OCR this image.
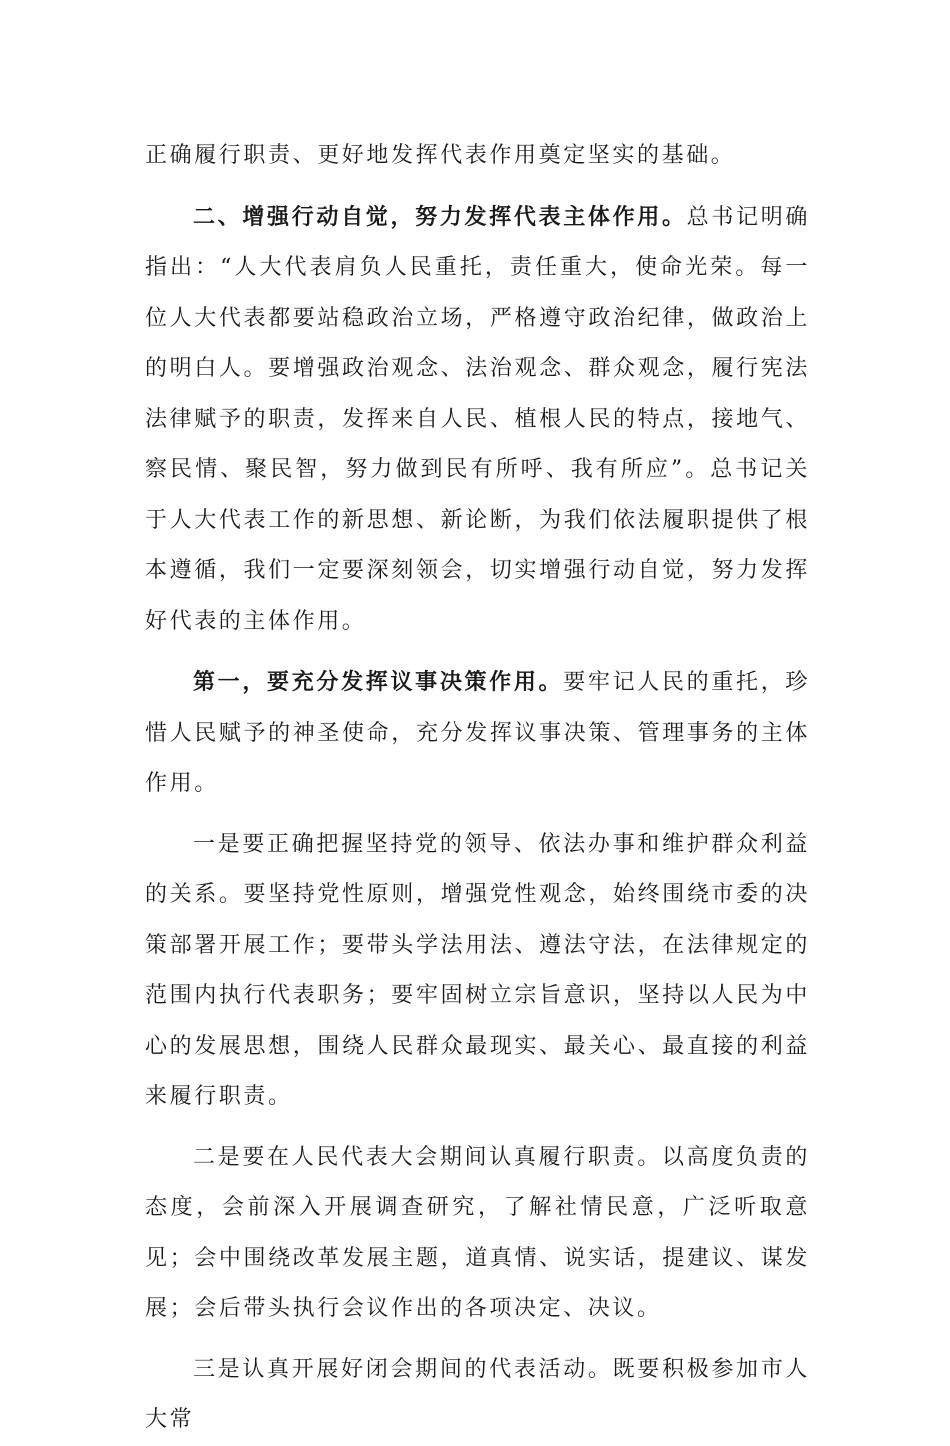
正确履行职责、更好地发挥代表作用奠定坚实的基础。

二、增强行动自觉，努力发挥代表主体作用。总书记明确指出：“人大代表肩负人民重托，责任重大，使命光荣。每一位人大代表都要站稳政治立场，严格遵守政治纪律，做政治上的明白人。要增强政治观念、法治观念、群众观念，履行宪法法律赋予的职责，发挥来自人民、植根人民的特点，接地气、察民情、聚民智，努力做到民有所呼、我有所应”。总书记关于人大代表工作的新思想、新论断，为我们依法履职提供了根本遵循，我们一定要深刻领会，切实增强行动自觉，努力发挥好代表的主体作用。

第一，要充分发挥议事决策作用。要牢记人民的重托，珍惜人民赋予的神圣使命，充分发挥议事决策、管理事务的主体作用。

一是要正确把握坚持党的领导、依法办事和维护群众利益的关系。要坚持党性原则，增强党性观念，始终围绕市委的决策部署开展工作；要带头学法用法、遵法守法，在法律规定的范围内执行代表职务；要牢固树立宗旨意识，坚持以人民为中心的发展思想，围绕人民群众最现实、最关心、最直接的利益来履行职责。

二是要在人民代表大会期间认真履行职责。以高度负责的态度，会前深入开展调查研究，了解社情民意，广泛听取意见；会中围绕改革发展主题，道真情、说实话，提建议、谋发展；会后带头执行会议作出的各项决定、决议。

三是认真开展好闭会期间的代表活动。既要积极参加市人大常
